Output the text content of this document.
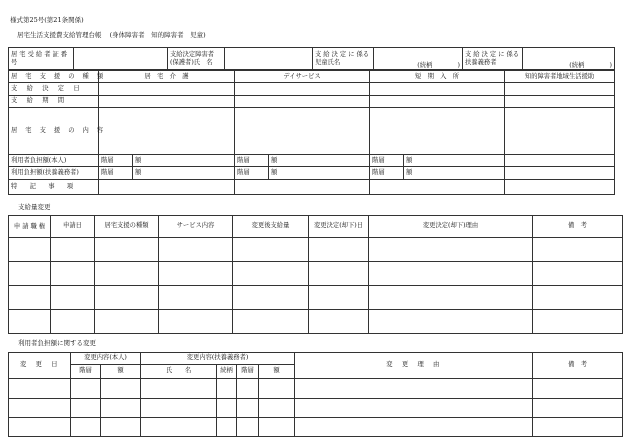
様式第25号(第21条関係)
居宅生活支援費支給管理台帳 (身体障害者　知的障害者　児童)
居 宅 受 給 者 証 番　　　　　　 号		支給決定障害者 (保護者)氏　名		支 給 決 定 に 係る児童氏名	(続柄　　　　)	支 給 決 定 に 係る扶養義務者	(続柄　　　　)
居 宅 支 援 の 種 類	居　宅　介　護		デイサービス		短　期　入　所		知的障害者地域生活援助
支　給　決　定　日							
支　給　期　間							
居 宅 支 援 の 内 容							
利用者負担額(本人)	階層	額	階層	額	階層	額	
利用負担額(扶養義務者)	階層	額	階層	額	階層	額	
特　記　事　項							
支給量変更
申 請 職 権	申請日	居宅支援の種類	サービス内容	変更後支給量	変更決定(却下)日	変更決定(却下)理由	備　考

利用者負担額に関する変更
変　更　日	変更内容(本人)		変更内容(扶養義務者)				変　更　理　由	備　考
	階層	額	氏　　名	続柄	階層	額		
